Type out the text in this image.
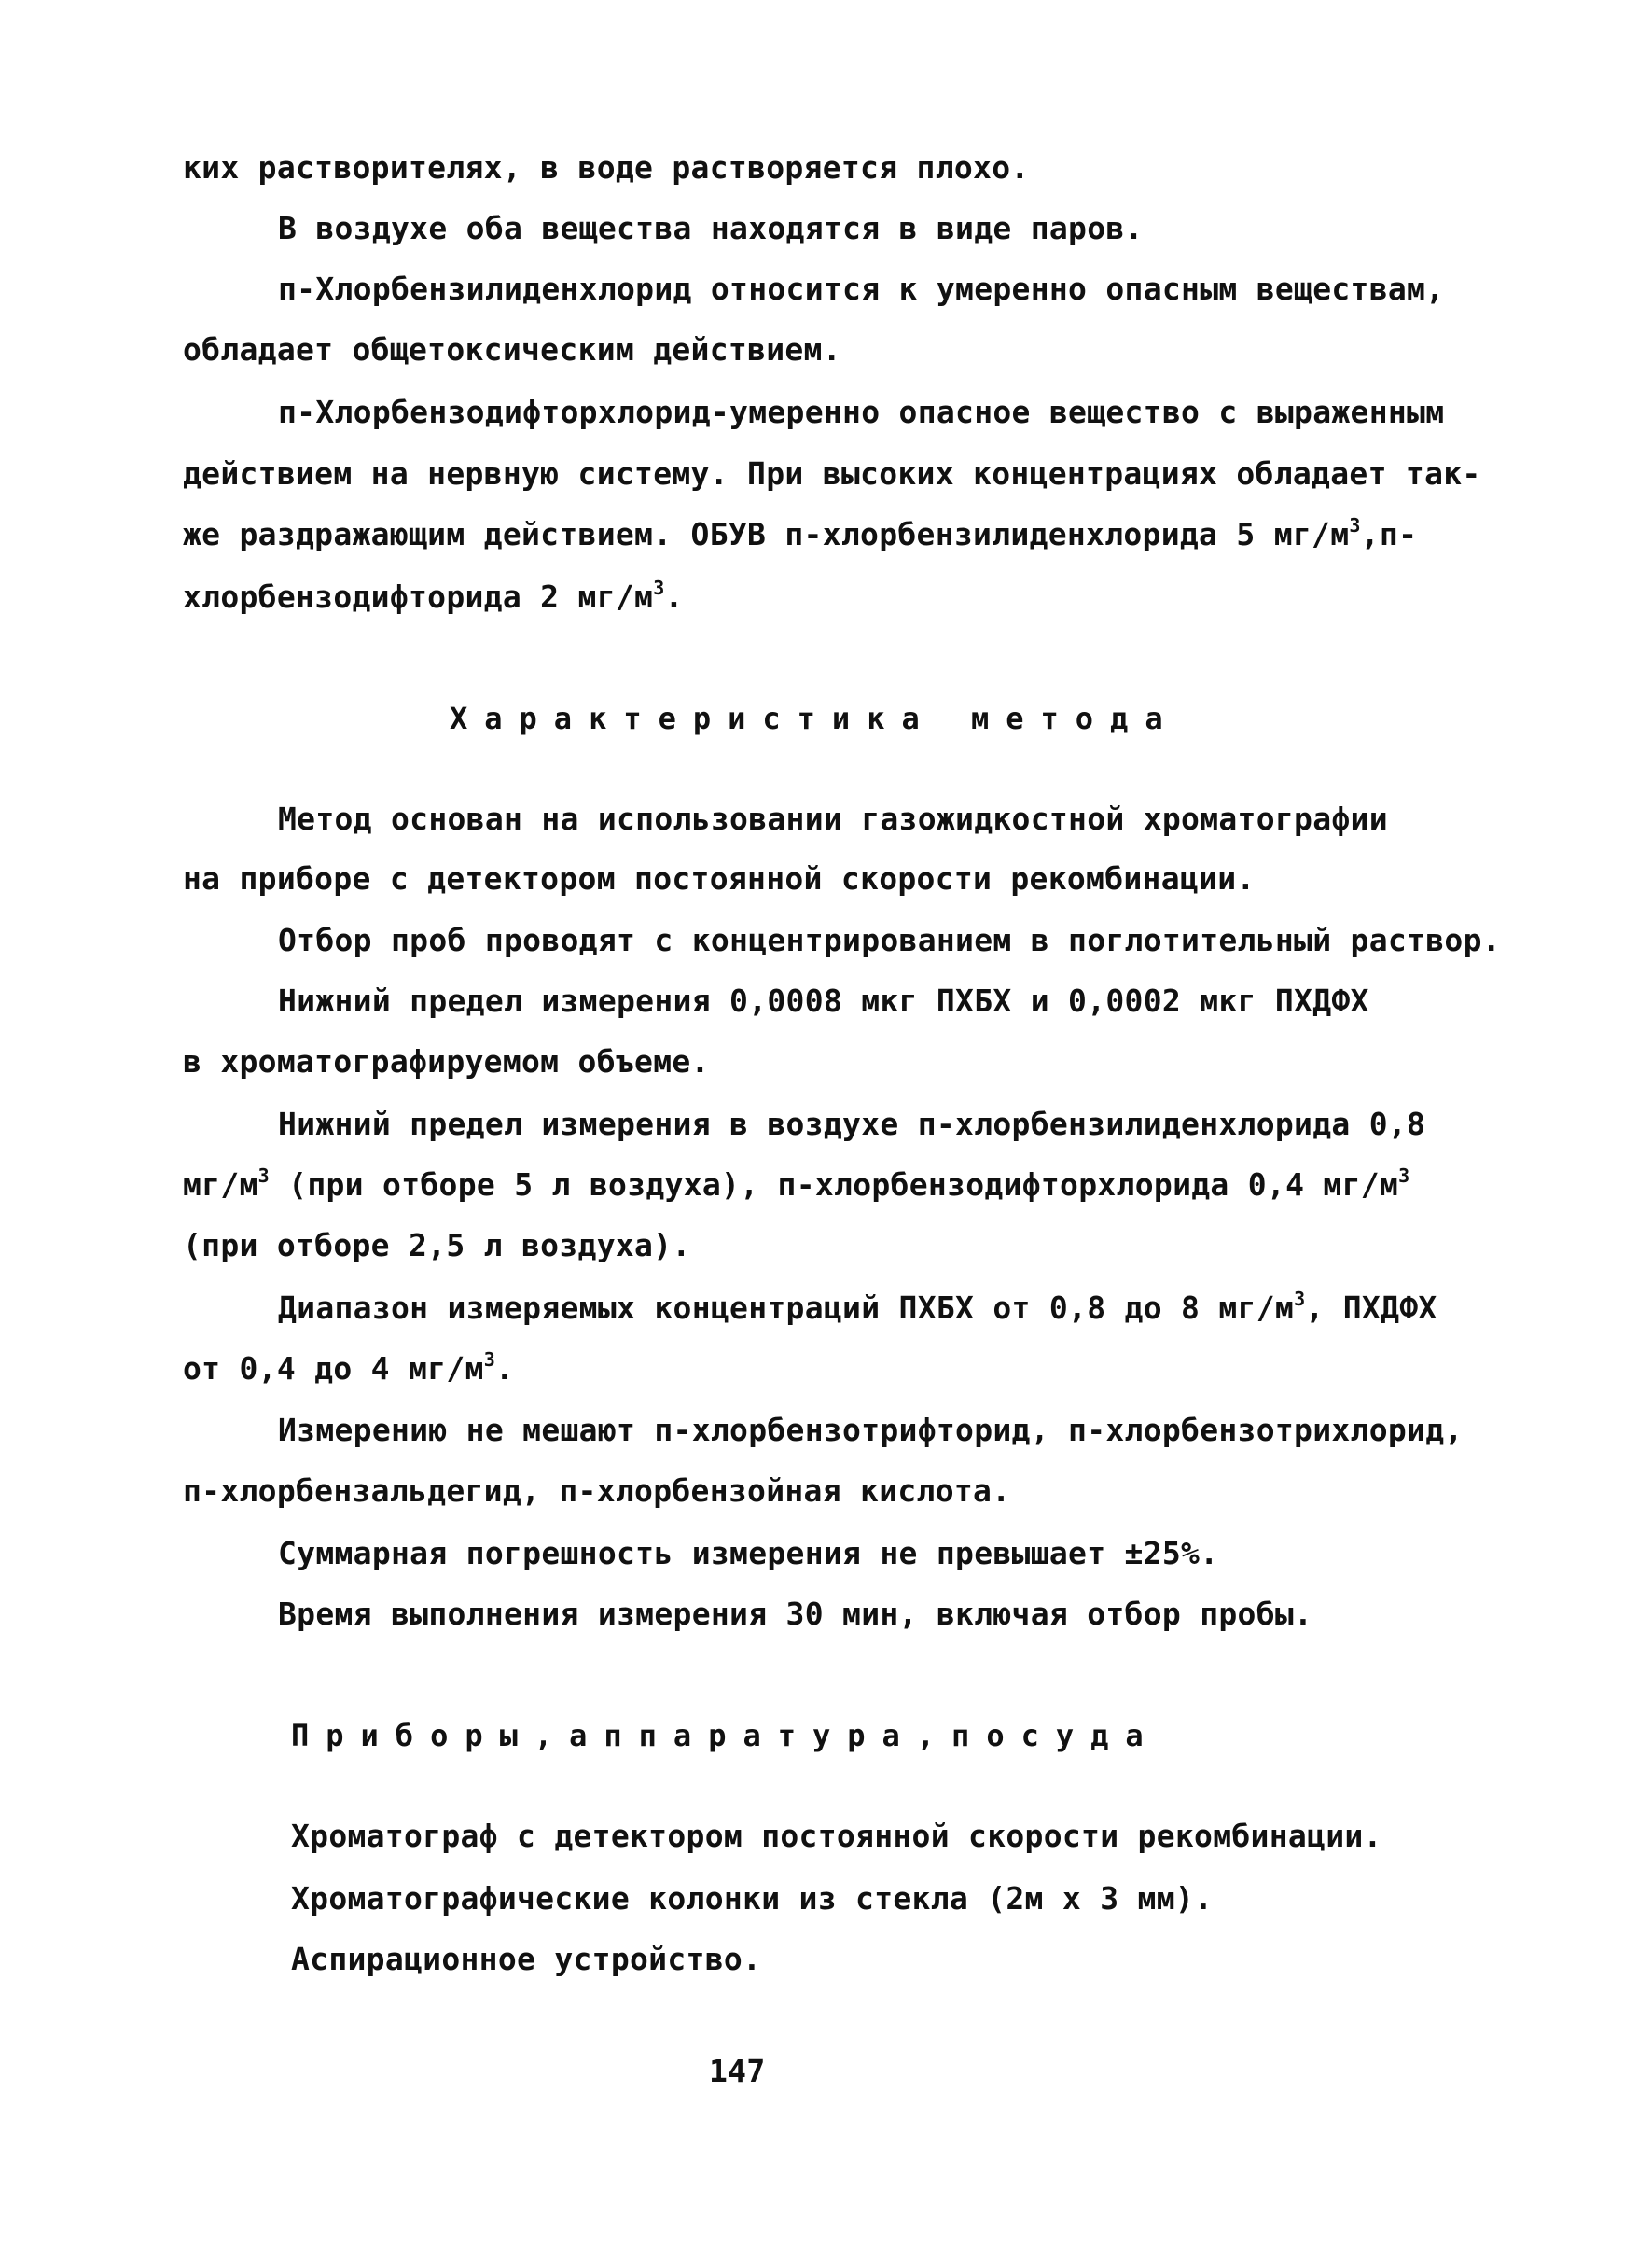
ких растворителях, в воде растворяется плохо.
В воздухе оба вещества находятся в виде паров.
п-Хлорбензилиденхлорид относится к умеренно опасным веществам,
обладает общетоксическим действием.
п-Хлорбензодифторхлорид-умеренно опасное вещество с выраженным
действием на нервную систему. При высоких концентрациях обладает так-
же раздражающим действием. ОБУВ п-хлорбензилиденхлорида 5 $мг/м^3,п-$
хлорбензодифторида 2 $мг/м^3$.
Характеристика метода
Метод основан на использовании газожидкостной хроматографии
на приборе с детектором постоянной скорости рекомбинации.
Отбор проб проводят с концентрированием в поглотительный раствор.
Нижний предел измерения 0,0008 мкг ПХБХ и 0,0002 мкг ПХДФХ
в хроматографируемом объеме.
Нижний предел измерения в воздухе п-хлорбензилиденхлорида 0,8
$мг/м^3$ (при отборе 5 л воздуха), п-хлорбензодифторхлорида 0,4 $мг/м^3$
(при отборе 2,5 л воздуха).
Диапазон измеряемых концентраций ПХБХ от 0,8 до 8 $мг/м^3$, ПХДФХ
от 0,4 до 4 $мг/м^3$.
Измерению не мешают п-хлорбензотрифторид, п-хлорбензотрихлорид,
п-хлорбензальдегид, п-хлорбензойная кислота.
Суммарная погрешность измерения не превышает ±25%.
Время выполнения измерения 30 мин, включая отбор пробы.
Приборы,аппаратура,посуда
Хроматограф с детектором постоянной скорости рекомбинации.
Хроматографические колонки из стекла (2м х 3 мм).
Аспирационное устройство.
147
